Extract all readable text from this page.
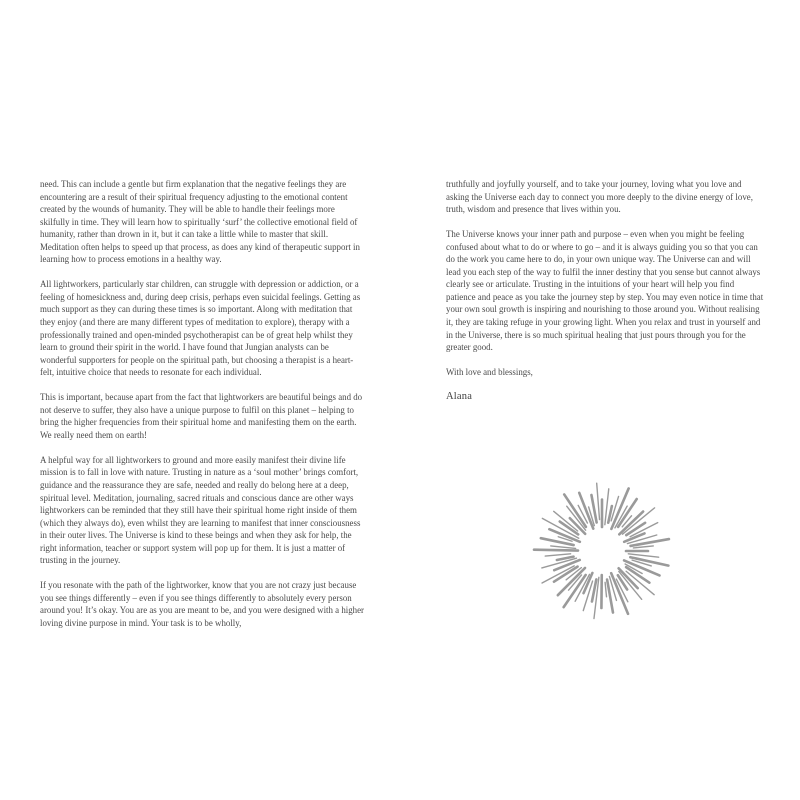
need. This can include a gentle but firm explanation that the negative feelings they are encountering are a result of their spiritual frequency adjusting to the emotional content created by the wounds of humanity. They will be able to handle their feelings more skilfully in time. They will learn how to spiritually ‘surf’ the collective emotional field of humanity, rather than drown in it, but it can take a little while to master that skill. Meditation often helps to speed up that process, as does any kind of therapeutic support in learning how to process emotions in a healthy way.

All lightworkers, particularly star children, can struggle with depression or addiction, or a feeling of homesickness and, during deep crisis, perhaps even suicidal feelings. Getting as much support as they can during these times is so important. Along with meditation that they enjoy (and there are many different types of meditation to explore), therapy with a professionally trained and open-minded psychotherapist can be of great help whilst they learn to ground their spirit in the world. I have found that Jungian analysts can be wonderful supporters for people on the spiritual path, but choosing a therapist is a heart-felt, intuitive choice that needs to resonate for each individual.

This is important, because apart from the fact that lightworkers are beautiful beings and do not deserve to suffer, they also have a unique purpose to fulfil on this planet – helping to bring the higher frequencies from their spiritual home and manifesting them on the earth. We really need them on earth!

A helpful way for all lightworkers to ground and more easily manifest their divine life mission is to fall in love with nature. Trusting in nature as a ‘soul mother’ brings comfort, guidance and the reassurance they are safe, needed and really do belong here at a deep, spiritual level. Meditation, journaling, sacred rituals and conscious dance are other ways lightworkers can be reminded that they still have their spiritual home right inside of them (which they always do), even whilst they are learning to manifest that inner consciousness in their outer lives. The Universe is kind to these beings and when they ask for help, the right information, teacher or support system will pop up for them. It is just a matter of trusting in the journey.

If you resonate with the path of the lightworker, know that you are not crazy just because you see things differently – even if you see things differently to absolutely every person around you! It’s okay. You are as you are meant to be, and you were designed with a higher loving divine purpose in mind. Your task is to be wholly,

truthfully and joyfully yourself, and to take your journey, loving what you love and asking the Universe each day to connect you more deeply to the divine energy of love, truth, wisdom and presence that lives within you.

The Universe knows your inner path and purpose – even when you might be feeling confused about what to do or where to go – and it is always guiding you so that you can do the work you came here to do, in your own unique way. The Universe can and will lead you each step of the way to fulfil the inner destiny that you sense but cannot always clearly see or articulate. Trusting in the intuitions of your heart will help you find patience and peace as you take the journey step by step. You may even notice in time that your own soul growth is inspiring and nourishing to those around you. Without realising it, they are taking refuge in your growing light. When you relax and trust in yourself and in the Universe, there is so much spiritual healing that just pours through you for the greater good.

With love and blessings,

Alana
